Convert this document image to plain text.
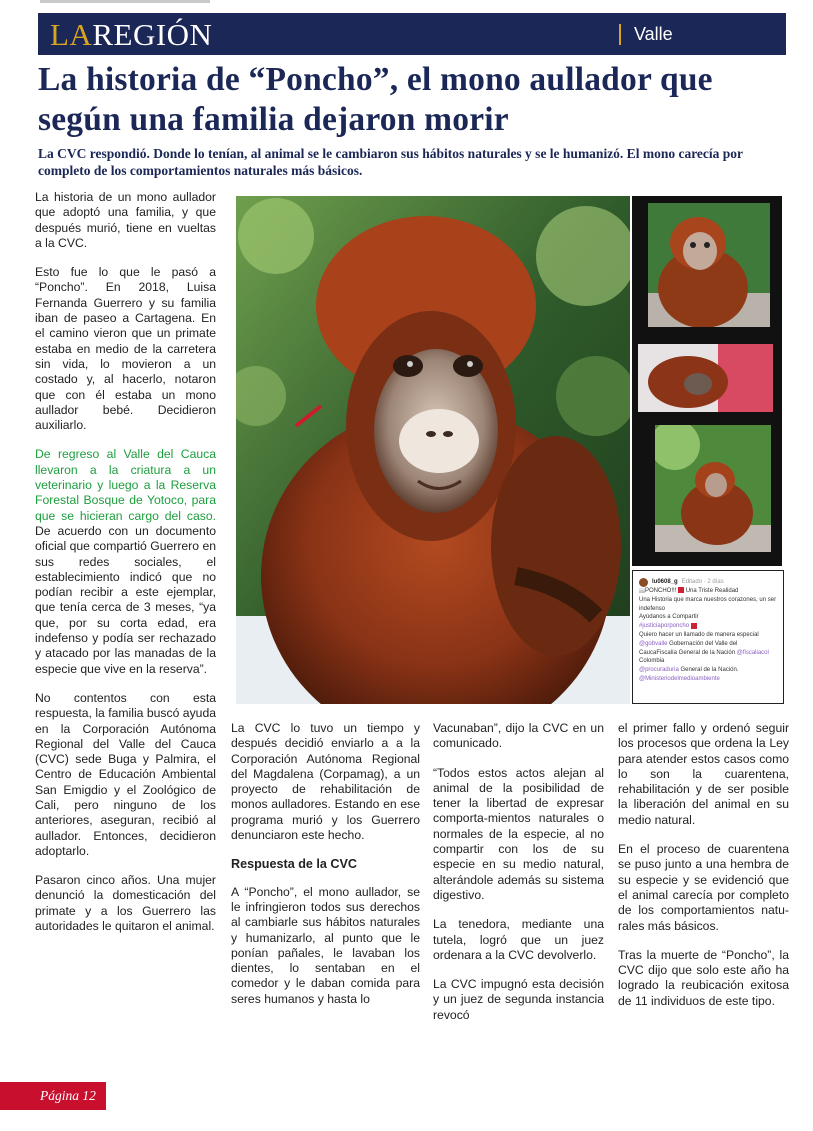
LAREGIÓN	Valle
La historia de “Poncho”, el mono aullador que según una familia dejaron morir

La CVC respondió. Donde lo tenían, al animal se le cambiaron sus hábitos naturales y se le humanizó. El mono carecía por completo de los comportamientos naturales más básicos.

La historia de un mono aullador que adoptó una familia, y que después murió, tiene en vueltas a la CVC.

Esto fue lo que le pasó a “Poncho”. En 2018, Luisa Fernanda Guerrero y su familia iban de paseo a Cartagena. En el camino vieron que un primate estaba en medio de la carretera sin vida, lo movieron a un costado y, al hacerlo, notaron que con él estaba un mono aullador bebé. Decidieron auxiliarlo.

De regreso al Valle del Cauca llevaron a la criatura a un veterinario y luego a la Reserva Forestal Bosque de Yotoco, para que se hicieran cargo del caso. De acuerdo con un documento oficial que compartió Guerrero en sus redes sociales, el establecimiento indicó que no podían recibir a este ejemplar, que tenía cerca de 3 meses, “ya que, por su corta edad, era indefenso y podía ser rechazado y atacado por las manadas de la especie que vive en la reserva”.

No contentos con esta respuesta, la familia buscó ayuda en la Corporación Autónoma Regional del Valle del Cauca (CVC) sede Buga y Palmira, el Centro de Educación Ambiental San Emigdio y el Zoológico de Cali, pero ninguno de los anteriores, aseguran, recibió al aullador. Entonces, decidieron adoptarlo.

Pasaron cinco años. Una mujer denunció la domesticación del primate y a los Guerrero las autoridades le quitaron el animal.

lu0608_g Editado · 2 días
¡¡¡PONCHO!!! Una Triste Realidad
Una Historia que marca nuestros corazones, un ser indefenso
Ayúdanos a Compartir
#justiciaporponcho
Quiero hacer un llamado de manera especial @gobvalle Gobernación del Valle del CaucaFiscalía General de la Nación @fiscaliacol Colombia
@procuraduria General de la Nación.
@Ministeriodelmedioambiente

La CVC lo tuvo un tiempo y después decidió enviarlo a a la Corporación Autónoma Regional del Magdalena (Corpamag), a un proyecto de rehabilitación de monos aulladores. Estando en ese programa murió y los Guerrero denunciaron este hecho.

Respuesta de la CVC

A “Poncho”, el mono aullador, se le infringieron todos sus derechos al cambiarle sus hábitos naturales y humanizarlo, al punto que le ponían pañales, le lavaban los dientes, lo sentaban en el comedor y le daban comida para seres humanos y hasta lo

Vacunaban”, dijo la CVC en un comunicado.

“Todos estos actos alejan al animal de la posibilidad de tener la libertad de expresar comporta-mientos naturales o normales de la especie, al no compartir con los de su especie en su medio natural, alterándole además su sistema digestivo.

La tenedora, mediante una tutela, logró que un juez ordenara a la CVC devolverlo.

La CVC impugnó esta decisión y un juez de segunda instancia revocó

el primer fallo y ordenó seguir los procesos que ordena la Ley para atender estos casos como lo son la cuarentena, rehabilitación y de ser posible la liberación del animal en su medio natural.

En el proceso de cuarentena se puso junto a una hembra de su especie y se evidenció que el animal carecía por completo de los comportamientos natu-rales más básicos.

Tras la muerte de “Poncho”, la CVC dijo que solo este año ha logrado la reubicación exitosa de 11 individuos de este tipo.

Página 12
